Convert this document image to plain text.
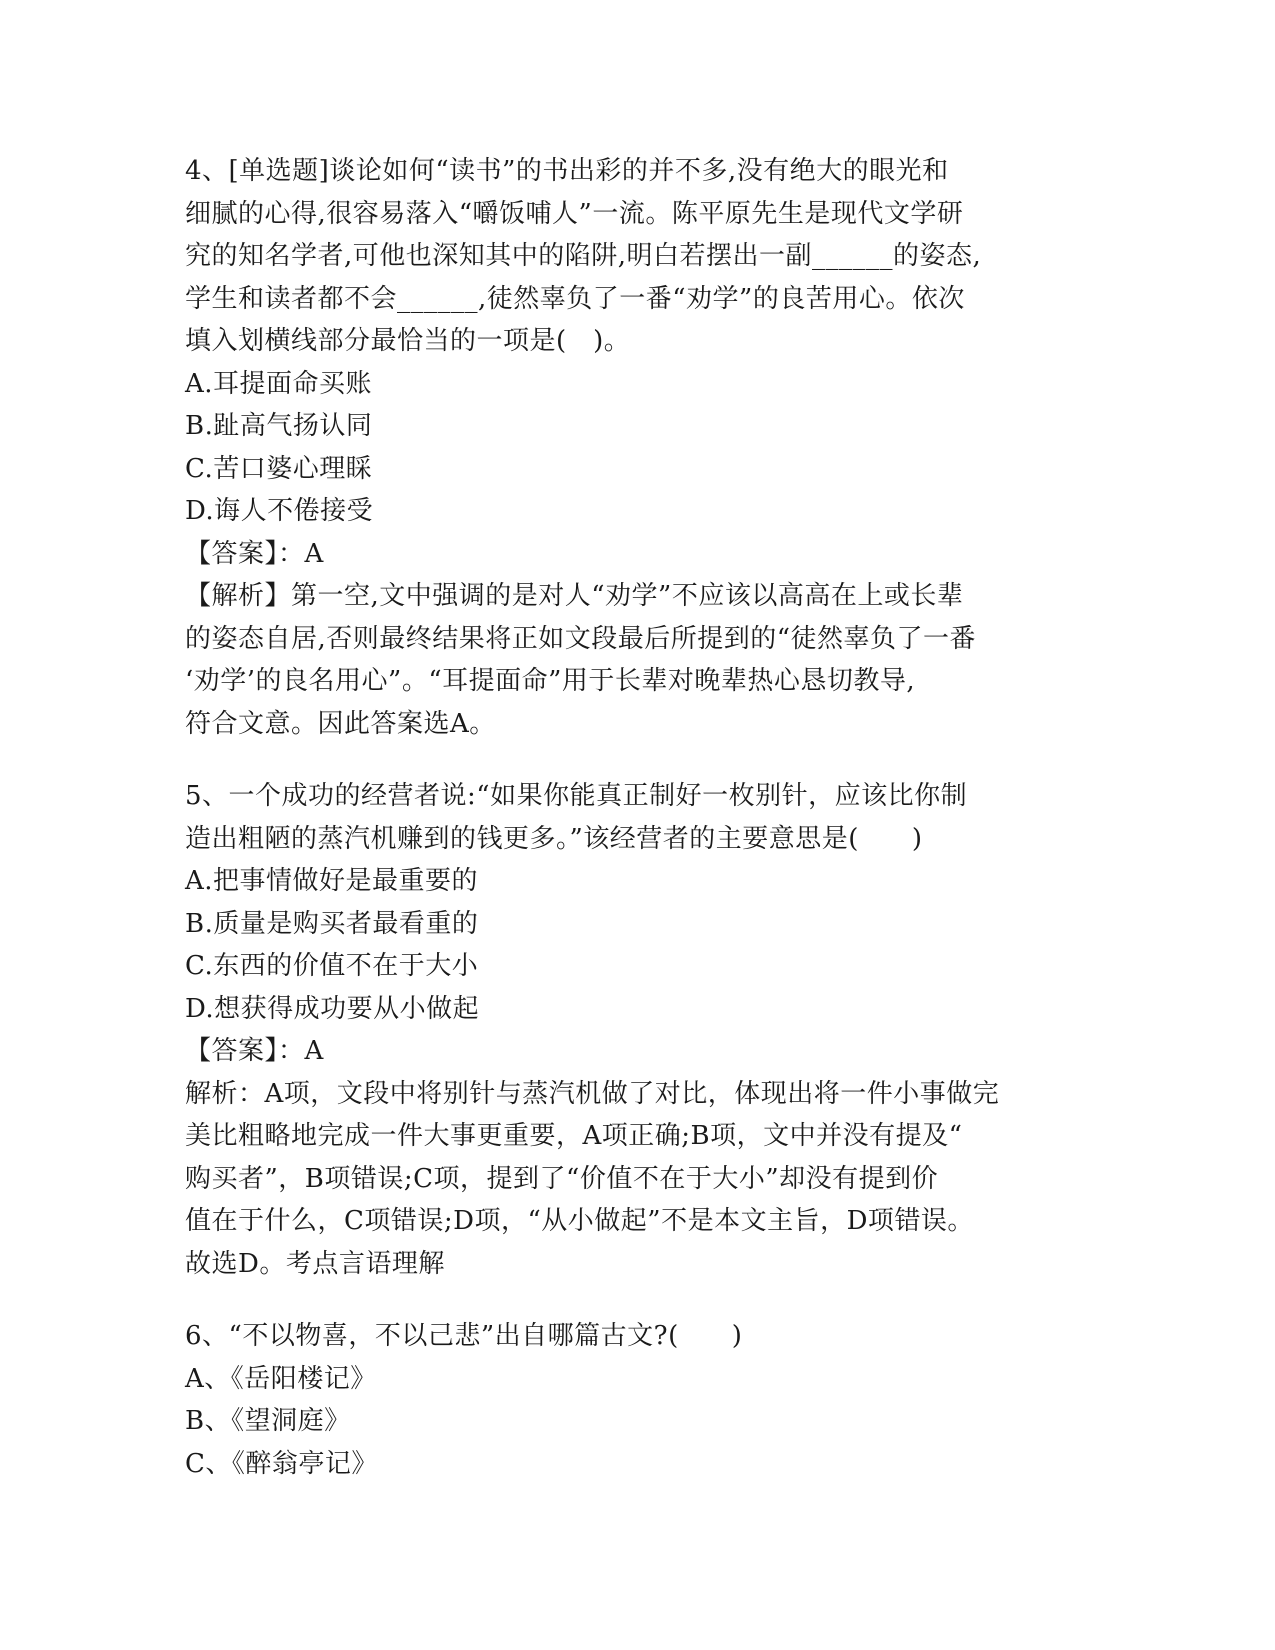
4、[单选题]谈论如何“读书”的书出彩的并不多,没有绝大的眼光和

细腻的心得,很容易落入“嚼饭哺人”一流。陈平原先生是现代文学研

究的知名学者,可他也深知其中的陷阱,明白若摆出一副______的姿态,

学生和读者都不会______,徒然辜负了一番“劝学”的良苦用心。依次

填入划横线部分最恰当的一项是(　)。

A.耳提面命买账

B.趾高气扬认同

C.苦口婆心理睬

D.诲人不倦接受

【答案】：A

【解析】第一空,文中强调的是对人“劝学”不应该以高高在上或长辈

的姿态自居,否则最终结果将正如文段最后所提到的“徒然辜负了一番

‘劝学’的良名用心”。“耳提面命”用于长辈对晚辈热心恳切教导,

符合文意。因此答案选A。

5、一个成功的经营者说:“如果你能真正制好一枚别针，应该比你制

造出粗陋的蒸汽机赚到的钱更多。”该经营者的主要意思是(　　)

A.把事情做好是最重要的

B.质量是购买者最看重的

C.东西的价值不在于大小

D.想获得成功要从小做起

【答案】：A

解析：A项，文段中将别针与蒸汽机做了对比，体现出将一件小事做完

美比粗略地完成一件大事更重要，A项正确;B项，文中并没有提及“

购买者”，B项错误;C项，提到了“价值不在于大小”却没有提到价

值在于什么，C项错误;D项，“从小做起”不是本文主旨，D项错误。

故选D。考点言语理解

6、“不以物喜，不以己悲”出自哪篇古文?(　　)

A、《岳阳楼记》

B、《望洞庭》

C、《醉翁亭记》
